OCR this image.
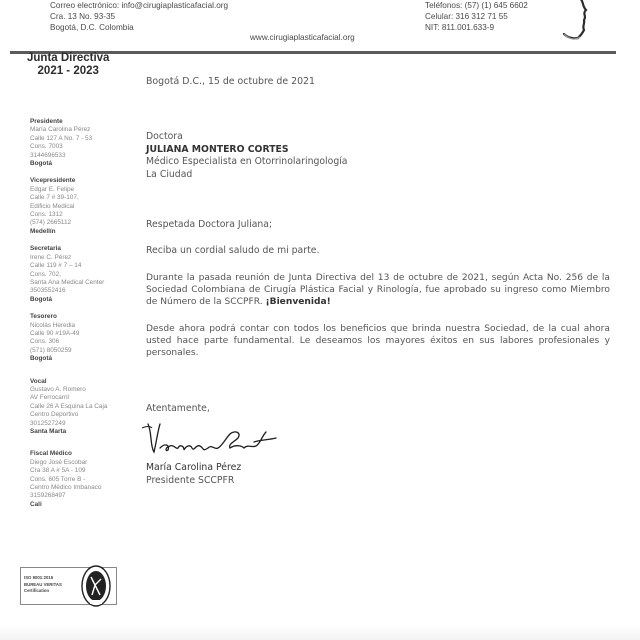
Correo electrónico: info@cirugiaplasticafacial.org
Cra. 13 No. 93-35
Bogotá, D.C. Colombia
www.cirugiaplasticafacial.org
Teléfonos: (57) (1) 645 6602
Celular: 316 312 71 55
NIT: 811.001.633-9
Junta Directiva
2021 - 2023
Presidente
María Carolina Pérez
Calle 127 A No. 7 - 53
Cons. 7003
3144696533
Bogotá
Vicepresidente
Edgar E. Felipe
Calle 7 # 39-107,
Edificio Medical
Cons. 1312
(574) 2665112
Medellín
Secretaria
Irene C. Pérez
Calle 119 # 7 – 14
Cons. 702,
Santa Ana Medical Center
3503552416
Bogotá
Tesorero
Nicolás Heredia
Calle 90 #19A-49
Cons. 306
(571) 8050259
Bogotá
Vocal
Gustavo A. Romero
AV Ferrocarril
Calle 26 A Esquina La Caja
Centro Deportivo
3012527249
Santa Marta
Fiscal Médico
Diego José Escobar
Cra 38 A # 5A - 109
Cons. 605 Torre B -
Centro Médico Imbanaco
3159268497
Cali
ISO 9001:2015
BUREAU VERITAS
Certification
Bogotá D.C., 15 de octubre de 2021
Doctora
JULIANA MONTERO CORTES
Médico Especialista en Otorrinolaringología
La Ciudad
Respetada Doctora Juliana;
Reciba un cordial saludo de mi parte.
Durante la pasada reunión de Junta Directiva del 13 de octubre de 2021, según Acta No. 256 de la Sociedad Colombiana de Cirugía Plástica Facial y Rinología, fue aprobado su ingreso como Miembro de Número de la SCCPFR. ¡Bienvenida!
Desde ahora podrá contar con todos los beneficios que brinda nuestra Sociedad, de la cual ahora usted hace parte fundamental. Le deseamos los mayores éxitos en sus labores profesionales y personales.
Atentamente,
María Carolina Pérez
Presidente SCCPFR
